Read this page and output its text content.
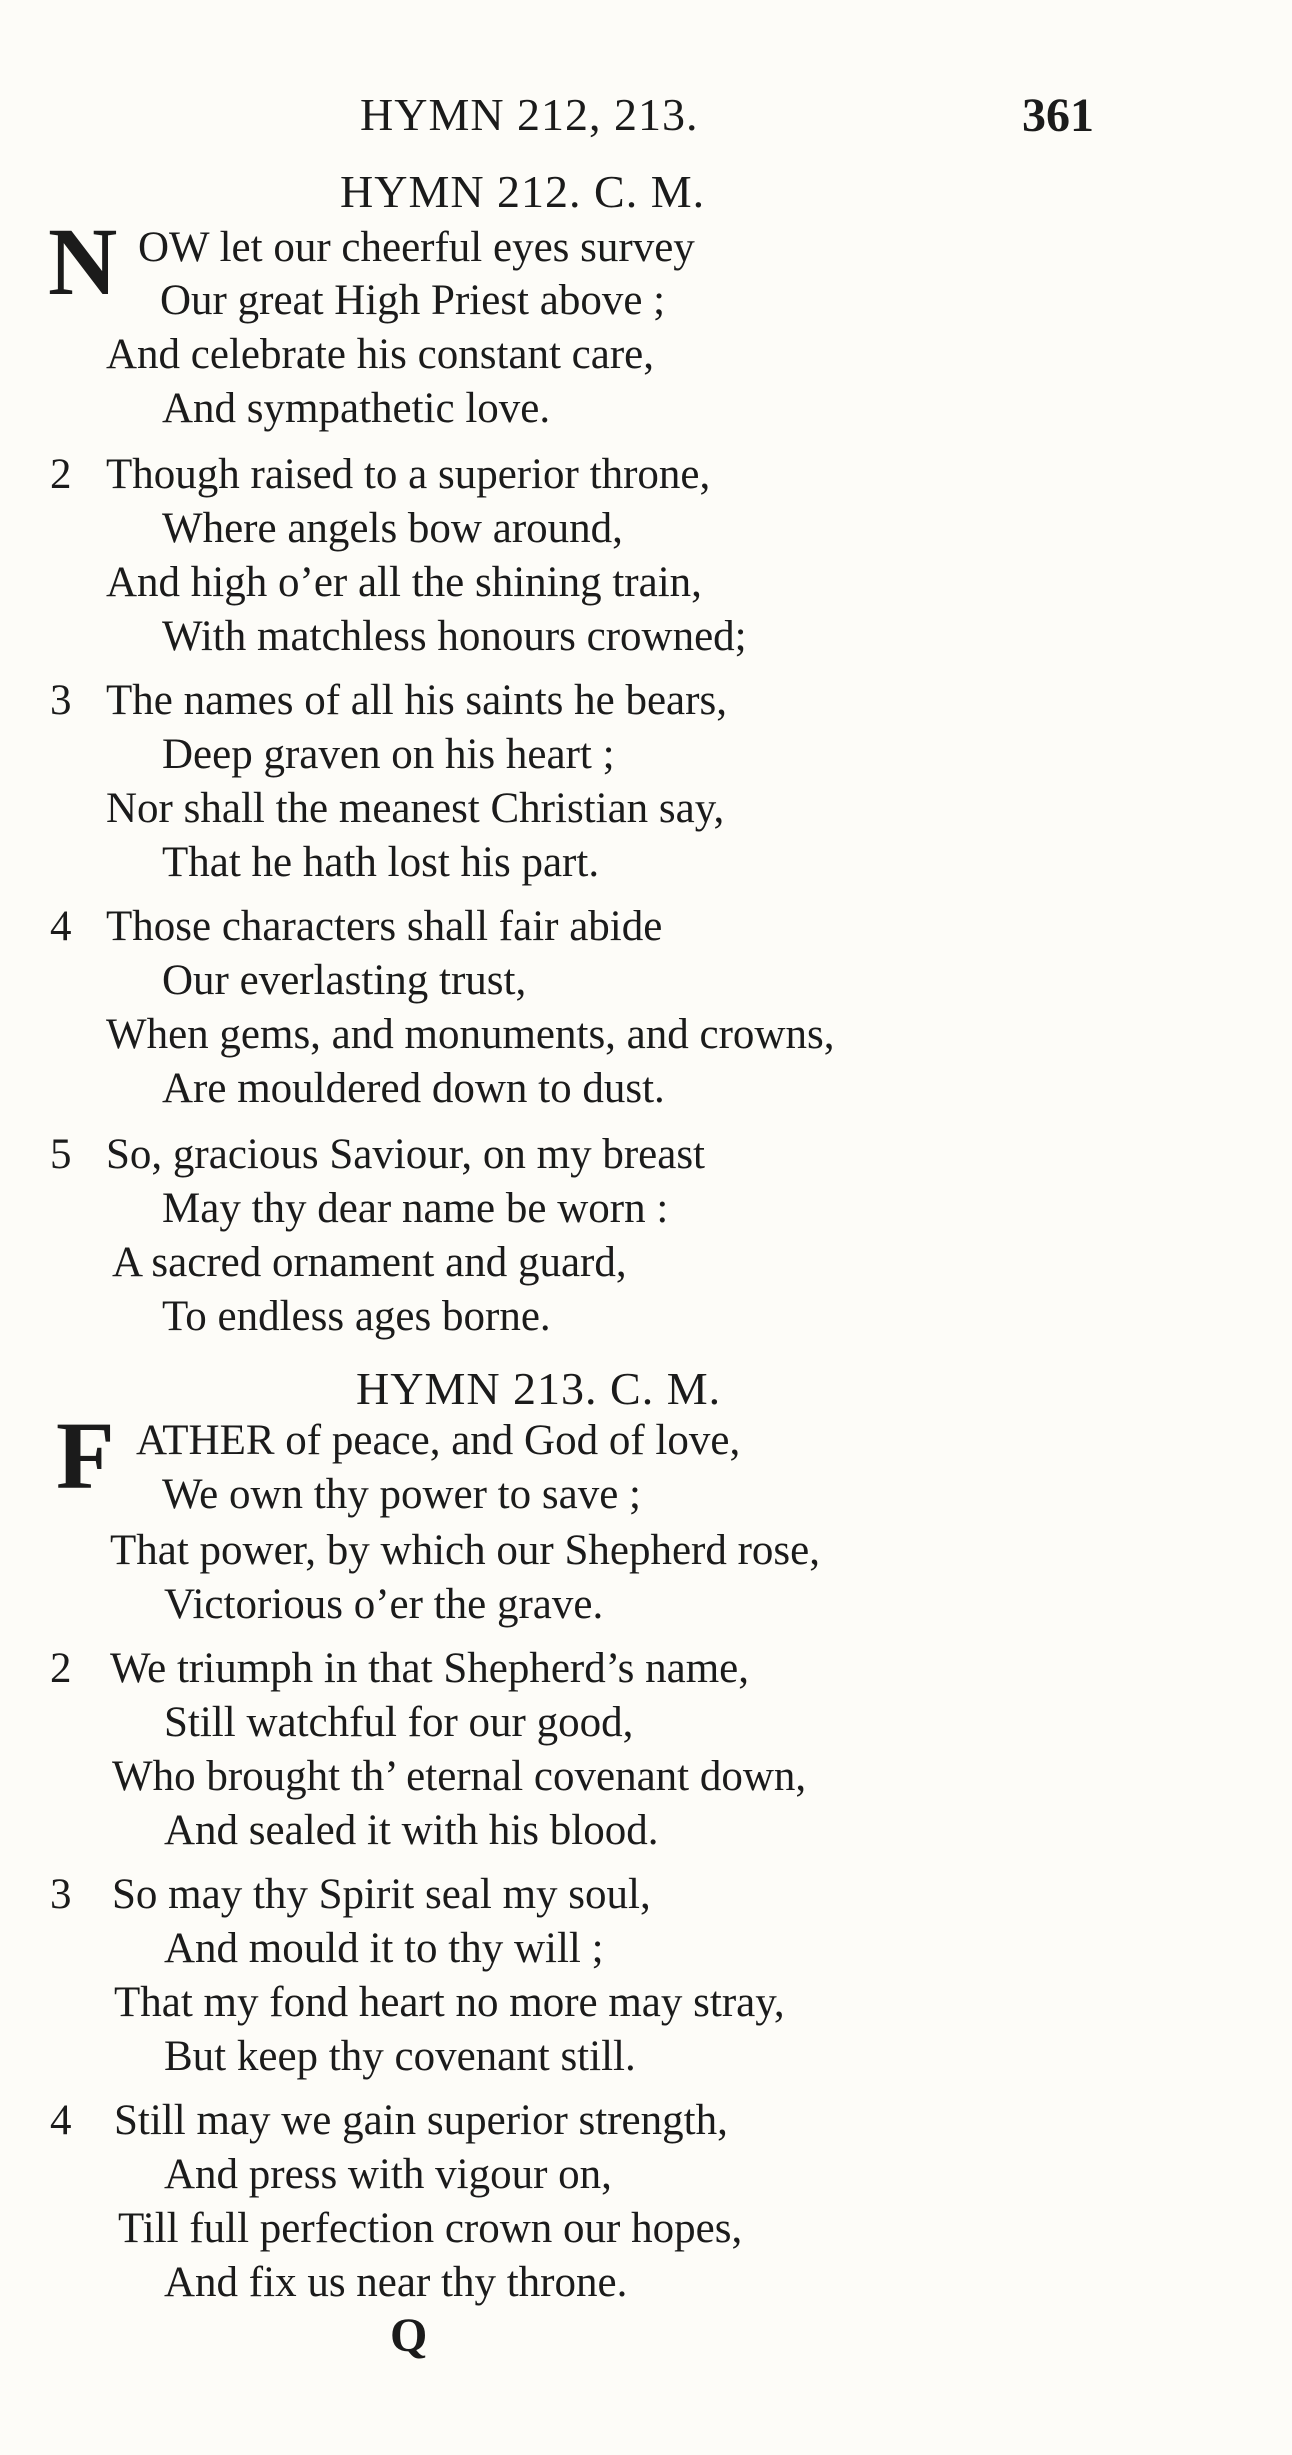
HYMN 212, 213.	361
HYMN 212. C. M.
N OW let our cheerful eyes survey
Our great High Priest above ;
And celebrate his constant care,
And sympathetic love.
2 Though raised to a superior throne,
Where angels bow around,
And high o’er all the shining train,
With matchless honours crowned;
3 The names of all his saints he bears,
Deep graven on his heart ;
Nor shall the meanest Christian say,
That he hath lost his part.
4 Those characters shall fair abide
Our everlasting trust,
When gems, and monuments, and crowns,
Are mouldered down to dust.
5 So, gracious Saviour, on my breast
May thy dear name be worn :
A sacred ornament and guard,
To endless ages borne.
HYMN 213. C. M.
F ATHER of peace, and God of love,
We own thy power to save ;
That power, by which our Shepherd rose,
Victorious o’er the grave.
2 We triumph in that Shepherd’s name,
Still watchful for our good,
Who brought th’ eternal covenant down,
And sealed it with his blood.
3 So may thy Spirit seal my soul,
And mould it to thy will ;
That my fond heart no more may stray,
But keep thy covenant still.
4 Still may we gain superior strength,
And press with vigour on,
Till full perfection crown our hopes,
And fix us near thy throne.
Q
